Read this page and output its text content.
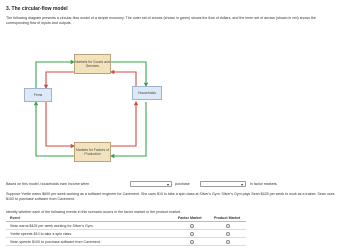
3. The circular-flow model
The following diagram presents a circular-flow model of a simple economy. The outer set of arrows (shown in green) shows the flow of dollars, and the inner set of arrows (shown in red) shows the corresponding flow of inputs and outputs.
Markets for Goods and Services
Markets for Factors of Production
Firms	Households
Based on this model, households earn income when	▾ purchase	▾ in factor markets.
Suppose Yvette earns $600 per week working as a software engineer for Cavement. She uses $10 to take a spin class at Silver's Gym. Silver's Gym pays Sean $425 per week to work as a trainer. Sean uses $100 to purchase software from Cavement.
Identify whether each of the following events in this scenario occurs in the factor market or the product market.
Event	Factor Market	Product Market
Sean earns $425 per week working for Silver's Gym.		
Yvette spends $10 to take a spin class.		
Sean spends $100 to purchase software from Cavement.		
